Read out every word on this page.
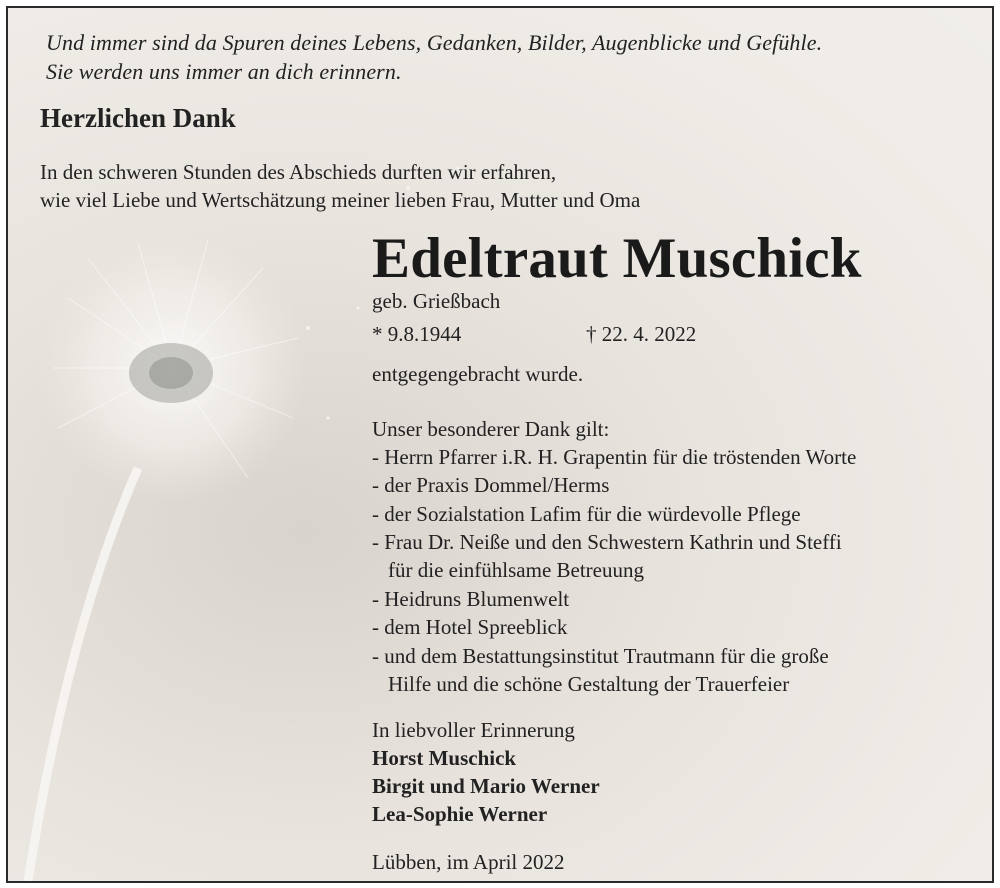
Und immer sind da Spuren deines Lebens, Gedanken, Bilder, Augenblicke und Gefühle.
Sie werden uns immer an dich erinnern.
Herzlichen Dank
In den schweren Stunden des Abschieds durften wir erfahren,
wie viel Liebe und Wertschätzung meiner lieben Frau, Mutter und Oma
Edeltraut Muschick
geb. Grießbach
* 9.8.1944	† 22. 4. 2022
entgegengebracht wurde.
Unser besonderer Dank gilt:
- Herrn Pfarrer i.R. H. Grapentin für die tröstenden Worte
- der Praxis Dommel/Herms
- der Sozialstation Lafim für die würdevolle Pflege
- Frau Dr. Neiße und den Schwestern Kathrin und Steffi
für die einfühlsame Betreuung
- Heidruns Blumenwelt
- dem Hotel Spreeblick
- und dem Bestattungsinstitut Trautmann für die große
Hilfe und die schöne Gestaltung der Trauerfeier
In liebvoller Erinnerung
Horst Muschick
Birgit und Mario Werner
Lea-Sophie Werner
Lübben, im April 2022
